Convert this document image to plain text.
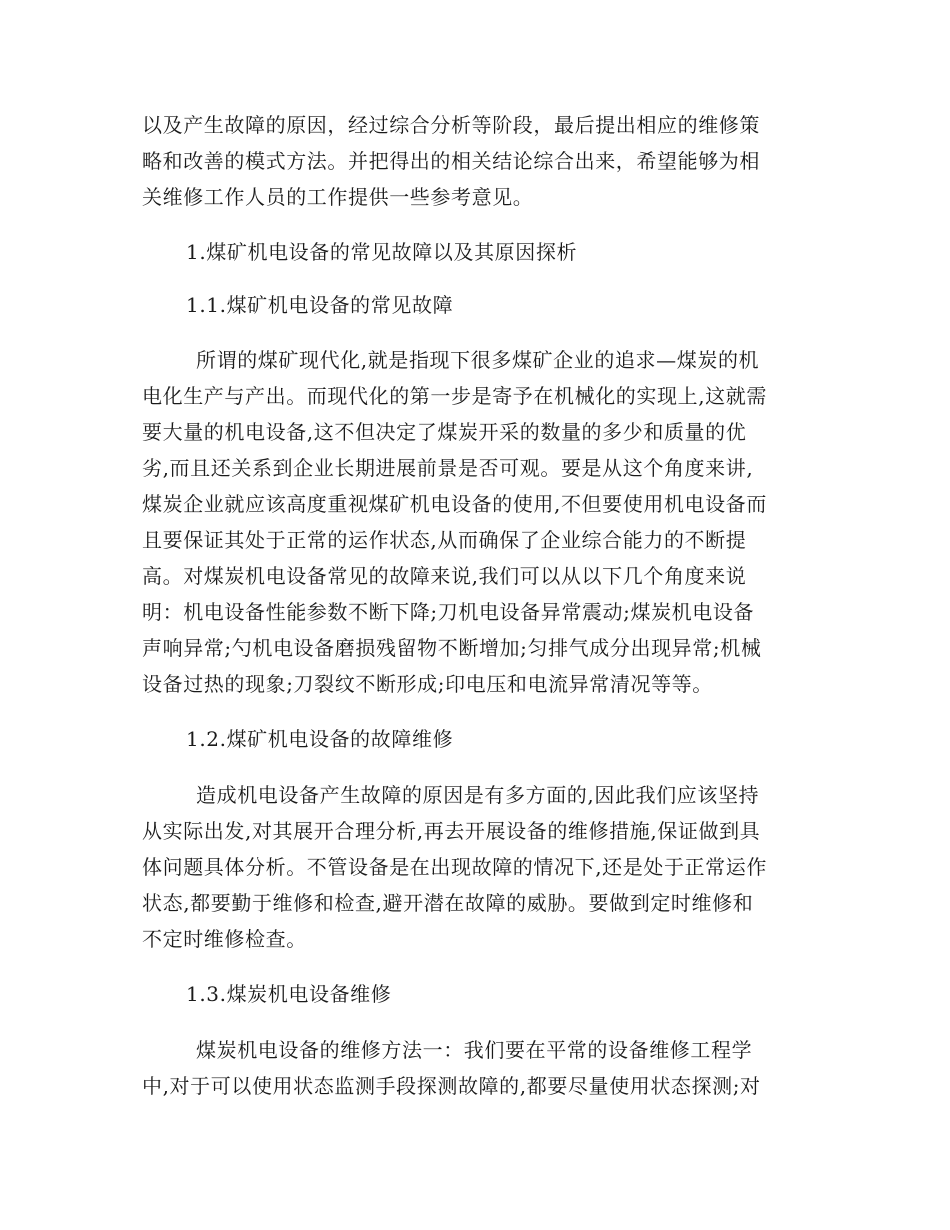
以及产生故障的原因，经过综合分析等阶段，最后提出相应的维修策
略和改善的模式方法。并把得出的相关结论综合出来，希望能够为相
关维修工作人员的工作提供一些参考意见。
1.煤矿机电设备的常见故障以及其原因探析
1.1.煤矿机电设备的常见故障
所谓的煤矿现代化,就是指现下很多煤矿企业的追求—煤炭的机
电化生产与产出。而现代化的第一步是寄予在机械化的实现上,这就需
要大量的机电设备,这不但决定了煤炭开采的数量的多少和质量的优
劣,而且还关系到企业长期进展前景是否可观。要是从这个角度来讲,
煤炭企业就应该高度重视煤矿机电设备的使用,不但要使用机电设备而
且要保证其处于正常的运作状态,从而确保了企业综合能力的不断提
高。对煤炭机电设备常见的故障来说,我们可以从以下几个角度来说
明：机电设备性能参数不断下降;刀机电设备异常震动;煤炭机电设备
声响异常;勺机电设备磨损残留物不断增加;匀排气成分出现异常;机械
设备过热的现象;刀裂纹不断形成;印电压和电流异常清况等等。
1.2.煤矿机电设备的故障维修
造成机电设备产生故障的原因是有多方面的,因此我们应该坚持
从实际出发,对其展开合理分析,再去开展设备的维修措施,保证做到具
体问题具体分析。不管设备是在出现故障的情况下,还是处于正常运作
状态,都要勤于维修和检查,避开潜在故障的威胁。要做到定时维修和
不定时维修检查。
1.3.煤炭机电设备维修
煤炭机电设备的维修方法一：我们要在平常的设备维修工程学
中,对于可以使用状态监测手段探测故障的,都要尽量使用状态探测;对
